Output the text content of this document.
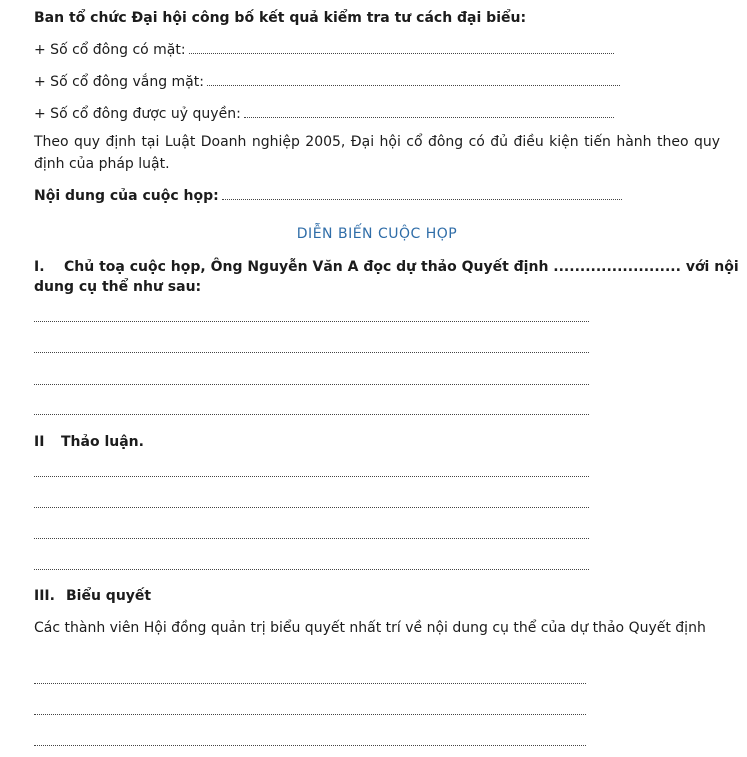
Ban tổ chức Đại hội công bố kết quả kiểm tra tư cách đại biểu:
+ Số cổ đông có mặt:
+ Số cổ đông vắng mặt:
+ Số cổ đông được uỷ quyền:
Theo quy định tại Luật Doanh nghiệp 2005, Đại hội cổ đông có đủ điều kiện tiến hành theo quy định của pháp luật.
Nội dung của cuộc họp:
DIỄN BIẾN CUỘC HỌP
I. Chủ toạ cuộc họp, Ông Nguyễn Văn A đọc dự thảo Quyết định ........................ với nội
dung cụ thể như sau:
II Thảo luận.
III. Biểu quyết
Các thành viên Hội đồng quản trị biểu quyết nhất trí về nội dung cụ thể của dự thảo Quyết định
